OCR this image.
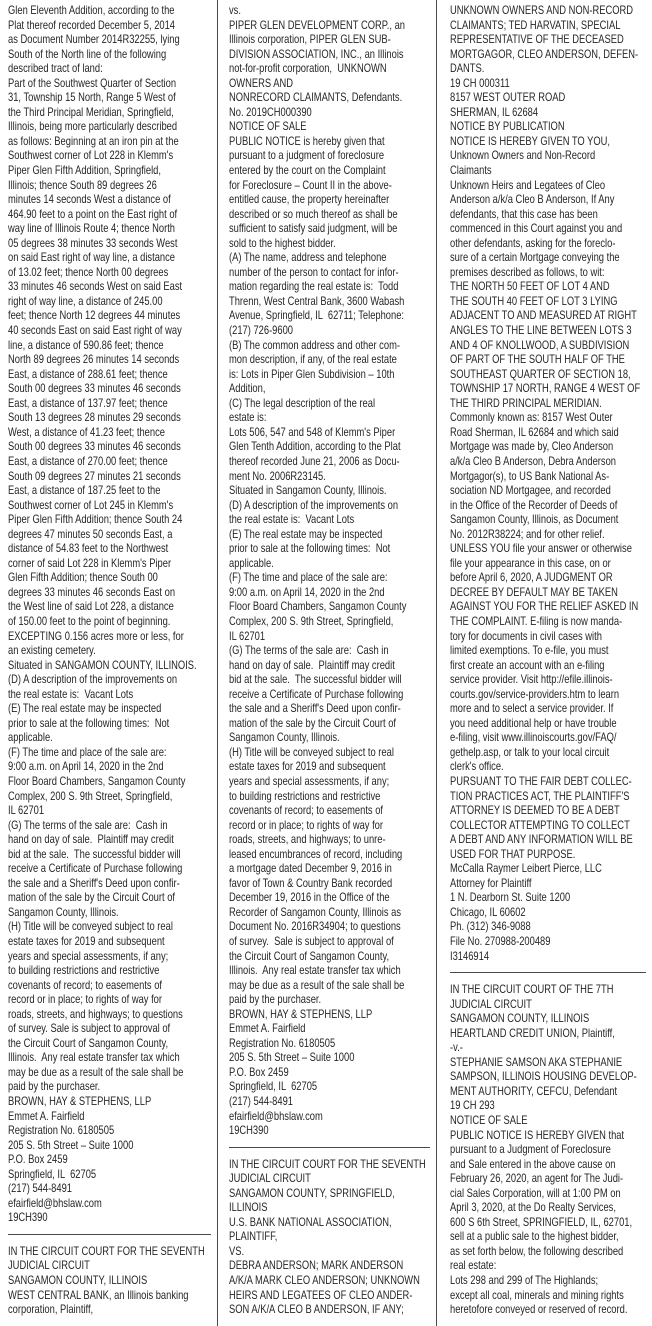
Glen Eleventh Addition, according to the
Plat thereof recorded December 5, 2014
as Document Number 2014R32255, lying
South of the North line of the following
described tract of land:
Part of the Southwest Quarter of Section
31, Township 15 North, Range 5 West of
the Third Principal Meridian, Springfield,
Illinois, being more particularly described
as follows: Beginning at an iron pin at the
Southwest corner of Lot 228 in Klemm's
Piper Glen Fifth Addition, Springfield,
Illinois; thence South 89 degrees 26
minutes 14 seconds West a distance of
464.90 feet to a point on the East right of
way line of Illinois Route 4; thence North
05 degrees 38 minutes 33 seconds West
on said East right of way line, a distance
of 13.02 feet; thence North 00 degrees
33 minutes 46 seconds West on said East
right of way line, a distance of 245.00
feet; thence North 12 degrees 44 minutes
40 seconds East on said East right of way
line, a distance of 590.86 feet; thence
North 89 degrees 26 minutes 14 seconds
East, a distance of 288.61 feet; thence
South 00 degrees 33 minutes 46 seconds
East, a distance of 137.97 feet; thence
South 13 degrees 28 minutes 29 seconds
West, a distance of 41.23 feet; thence
South 00 degrees 33 minutes 46 seconds
East, a distance of 270.00 feet; thence
South 09 degrees 27 minutes 21 seconds
East, a distance of 187.25 feet to the
Southwest corner of Lot 245 in Klemm's
Piper Glen Fifth Addition; thence South 24
degrees 47 minutes 50 seconds East, a
distance of 54.83 feet to the Northwest
corner of said Lot 228 in Klemm's Piper
Glen Fifth Addition; thence South 00
degrees 33 minutes 46 seconds East on
the West line of said Lot 228, a distance
of 150.00 feet to the point of beginning.
EXCEPTING 0.156 acres more or less, for
an existing cemetery.
Situated in SANGAMON COUNTY, ILLINOIS.
(D) A description of the improvements on
the real estate is:  Vacant Lots
(E) The real estate may be inspected
prior to sale at the following times:  Not
applicable.
(F) The time and place of the sale are:
9:00 a.m. on April 14, 2020 in the 2nd
Floor Board Chambers, Sangamon County
Complex, 200 S. 9th Street, Springfield,
IL 62701
(G) The terms of the sale are:  Cash in
hand on day of sale.  Plaintiff may credit
bid at the sale.  The successful bidder will
receive a Certificate of Purchase following
the sale and a Sheriff's Deed upon confir-
mation of the sale by the Circuit Court of
Sangamon County, Illinois.
(H) Title will be conveyed subject to real
estate taxes for 2019 and subsequent
years and special assessments, if any;
to building restrictions and restrictive
covenants of record; to easements of
record or in place; to rights of way for
roads, streets, and highways; to questions
of survey. Sale is subject to approval of
the Circuit Court of Sangamon County,
Illinois.  Any real estate transfer tax which
may be due as a result of the sale shall be
paid by the purchaser.
BROWN, HAY & STEPHENS, LLP
Emmet A. Fairfield
Registration No. 6180505
205 S. 5th Street – Suite 1000
P.O. Box 2459
Springfield, IL  62705
(217) 544-8491
efairfield@bhslaw.com
19CH390
IN THE CIRCUIT COURT FOR THE SEVENTH
JUDICIAL CIRCUIT
SANGAMON COUNTY, ILLINOIS
WEST CENTRAL BANK, an Illinois banking
corporation, Plaintiff,
vs.
PIPER GLEN DEVELOPMENT CORP., an
Illinois corporation, PIPER GLEN SUB-
DIVISION ASSOCIATION, INC., an Illinois
not-for-profit corporation,  UNKNOWN
OWNERS AND
NONRECORD CLAIMANTS, Defendants.
No. 2019CH000390
NOTICE OF SALE
PUBLIC NOTICE is hereby given that
pursuant to a judgment of foreclosure
entered by the court on the Complaint
for Foreclosure – Count II in the above-
entitled cause, the property hereinafter
described or so much thereof as shall be
sufficient to satisfy said judgment, will be
sold to the highest bidder.
(A) The name, address and telephone
number of the person to contact for infor-
mation regarding the real estate is:  Todd
Threnn, West Central Bank, 3600 Wabash
Avenue, Springfield, IL  62711; Telephone:
(217) 726-9600
(B) The common address and other com-
mon description, if any, of the real estate
is: Lots in Piper Glen Subdivision – 10th
Addition,
(C) The legal description of the real
estate is:
Lots 506, 547 and 548 of Klemm's Piper
Glen Tenth Addition, according to the Plat
thereof recorded June 21, 2006 as Docu-
ment No. 2006R23145.
Situated in Sangamon County, Illinois.
(D) A description of the improvements on
the real estate is:  Vacant Lots
(E) The real estate may be inspected
prior to sale at the following times:  Not
applicable.
(F) The time and place of the sale are:
9:00 a.m. on April 14, 2020 in the 2nd
Floor Board Chambers, Sangamon County
Complex, 200 S. 9th Street, Springfield,
IL 62701
(G) The terms of the sale are:  Cash in
hand on day of sale.  Plaintiff may credit
bid at the sale.  The successful bidder will
receive a Certificate of Purchase following
the sale and a Sheriff's Deed upon confir-
mation of the sale by the Circuit Court of
Sangamon County, Illinois.
(H) Title will be conveyed subject to real
estate taxes for 2019 and subsequent
years and special assessments, if any;
to building restrictions and restrictive
covenants of record; to easements of
record or in place; to rights of way for
roads, streets, and highways; to unre-
leased encumbrances of record, including
a mortgage dated December 9, 2016 in
favor of Town & Country Bank recorded
December 19, 2016 in the Office of the
Recorder of Sangamon County, Illinois as
Document No. 2016R34904; to questions
of survey.  Sale is subject to approval of
the Circuit Court of Sangamon County,
Illinois.  Any real estate transfer tax which
may be due as a result of the sale shall be
paid by the purchaser.
BROWN, HAY & STEPHENS, LLP
Emmet A. Fairfield
Registration No. 6180505
205 S. 5th Street – Suite 1000
P.O. Box 2459
Springfield, IL  62705
(217) 544-8491
efairfield@bhslaw.com
19CH390
IN THE CIRCUIT COURT FOR THE SEVENTH
JUDICIAL CIRCUIT
SANGAMON COUNTY, SPRINGFIELD,
ILLINOIS
U.S. BANK NATIONAL ASSOCIATION,
PLAINTIFF,
VS.
DEBRA ANDERSON; MARK ANDERSON
A/K/A MARK CLEO ANDERSON; UNKNOWN
HEIRS AND LEGATEES OF CLEO ANDER-
SON A/K/A CLEO B ANDERSON, IF ANY;
UNKNOWN OWNERS AND NON-RECORD
CLAIMANTS; TED HARVATIN, SPECIAL
REPRESENTATIVE OF THE DECEASED
MORTGAGOR, CLEO ANDERSON, DEFEN-
DANTS.
19 CH 000311
8157 WEST OUTER ROAD
SHERMAN, IL 62684
NOTICE BY PUBLICATION
NOTICE IS HEREBY GIVEN TO YOU,
Unknown Owners and Non-Record
Claimants
Unknown Heirs and Legatees of Cleo
Anderson a/k/a Cleo B Anderson, If Any
defendants, that this case has been
commenced in this Court against you and
other defendants, asking for the foreclo-
sure of a certain Mortgage conveying the
premises described as follows, to wit:
THE NORTH 50 FEET OF LOT 4 AND
THE SOUTH 40 FEET OF LOT 3 LYING
ADJACENT TO AND MEASURED AT RIGHT
ANGLES TO THE LINE BETWEEN LOTS 3
AND 4 OF KNOLLWOOD, A SUBDIVISION
OF PART OF THE SOUTH HALF OF THE
SOUTHEAST QUARTER OF SECTION 18,
TOWNSHIP 17 NORTH, RANGE 4 WEST OF
THE THIRD PRINCIPAL MERIDIAN.
Commonly known as: 8157 West Outer
Road Sherman, IL 62684 and which said
Mortgage was made by, Cleo Anderson
a/k/a Cleo B Anderson, Debra Anderson
Mortgagor(s), to US Bank National As-
sociation ND Mortgagee, and recorded
in the Office of the Recorder of Deeds of
Sangamon County, Illinois, as Document
No. 2012R38224; and for other relief.
UNLESS YOU file your answer or otherwise
file your appearance in this case, on or
before April 6, 2020, A JUDGMENT OR
DECREE BY DEFAULT MAY BE TAKEN
AGAINST YOU FOR THE RELIEF ASKED IN
THE COMPLAINT. E-filing is now manda-
tory for documents in civil cases with
limited exemptions. To e-file, you must
first create an account with an e-filing
service provider. Visit http://efile.illinois-
courts.gov/service-providers.htm to learn
more and to select a service provider. If
you need additional help or have trouble
e-filing, visit www.illinoiscourts.gov/FAQ/
gethelp.asp, or talk to your local circuit
clerk's office.
PURSUANT TO THE FAIR DEBT COLLEC-
TION PRACTICES ACT, THE PLAINTIFF'S
ATTORNEY IS DEEMED TO BE A DEBT
COLLECTOR ATTEMPTING TO COLLECT
A DEBT AND ANY INFORMATION WILL BE
USED FOR THAT PURPOSE.
McCalla Raymer Leibert Pierce, LLC
Attorney for Plaintiff
1 N. Dearborn St. Suite 1200
Chicago, IL 60602
Ph. (312) 346-9088
File No. 270988-200489
I3146914
IN THE CIRCUIT COURT OF THE 7TH
JUDICIAL CIRCUIT
SANGAMON COUNTY, ILLINOIS
HEARTLAND CREDIT UNION, Plaintiff,
-v.-
STEPHANIE SAMSON AKA STEPHANIE
SAMPSON, ILLINOIS HOUSING DEVELOP-
MENT AUTHORITY, CEFCU, Defendant
19 CH 293
NOTICE OF SALE
PUBLIC NOTICE IS HEREBY GIVEN that
pursuant to a Judgment of Foreclosure
and Sale entered in the above cause on
February 26, 2020, an agent for The Judi-
cial Sales Corporation, will at 1:00 PM on
April 3, 2020, at the Do Realty Services,
600 S 6th Street, SPRINGFIELD, IL, 62701,
sell at a public sale to the highest bidder,
as set forth below, the following described
real estate:
Lots 298 and 299 of The Highlands;
except all coal, minerals and mining rights
heretofore conveyed or reserved of record.
